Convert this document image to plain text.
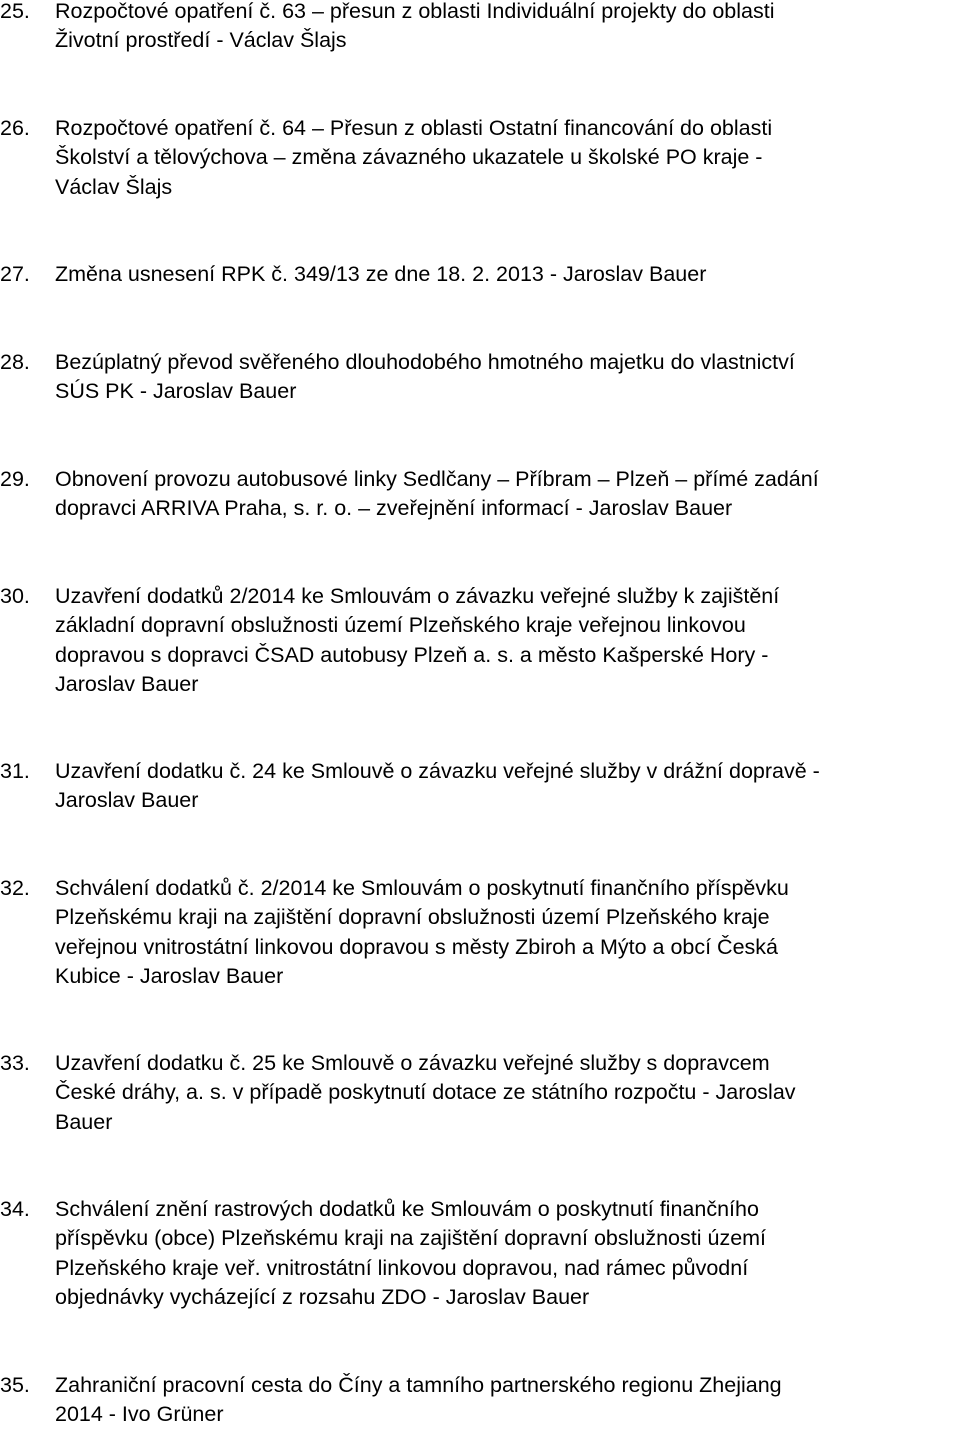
25.	Rozpočtové opatření č. 63 – přesun z oblasti Individuální projekty do oblasti
Životní prostředí - Václav Šlajs
26.	Rozpočtové opatření č. 64 – Přesun z oblasti Ostatní financování do oblasti
Školství a tělovýchova – změna závazného ukazatele u školské PO kraje -
Václav Šlajs
27.	Změna usnesení RPK č. 349/13 ze dne 18. 2. 2013 - Jaroslav Bauer
28.	Bezúplatný převod svěřeného dlouhodobého hmotného majetku do vlastnictví
SÚS PK - Jaroslav Bauer
29.	Obnovení provozu autobusové linky Sedlčany – Příbram – Plzeň – přímé zadání
dopravci ARRIVA Praha, s. r. o. – zveřejnění informací - Jaroslav Bauer
30.	Uzavření dodatků 2/2014 ke Smlouvám o závazku veřejné služby k zajištění
základní dopravní obslužnosti území Plzeňského kraje veřejnou linkovou
dopravou s dopravci ČSAD autobusy Plzeň a. s. a město Kašperské Hory -
Jaroslav Bauer
31.	Uzavření dodatku č. 24 ke Smlouvě o závazku veřejné služby v drážní dopravě -
Jaroslav Bauer
32.	Schválení dodatků č. 2/2014 ke Smlouvám o poskytnutí finančního příspěvku
Plzeňskému kraji na zajištění dopravní obslužnosti území Plzeňského kraje
veřejnou vnitrostátní linkovou dopravou s městy Zbiroh a Mýto a obcí Česká
Kubice - Jaroslav Bauer
33.	Uzavření dodatku č. 25 ke Smlouvě o závazku veřejné služby s dopravcem
České dráhy, a. s. v případě poskytnutí dotace ze státního rozpočtu - Jaroslav
Bauer
34.	Schválení znění rastrových dodatků ke Smlouvám o poskytnutí finančního
příspěvku (obce) Plzeňskému kraji na zajištění dopravní obslužnosti území
Plzeňského kraje veř. vnitrostátní linkovou dopravou, nad rámec původní
objednávky vycházející z rozsahu ZDO - Jaroslav Bauer
35.	Zahraniční pracovní cesta do Číny a tamního partnerského regionu Zhejiang
2014 - Ivo Grüner
